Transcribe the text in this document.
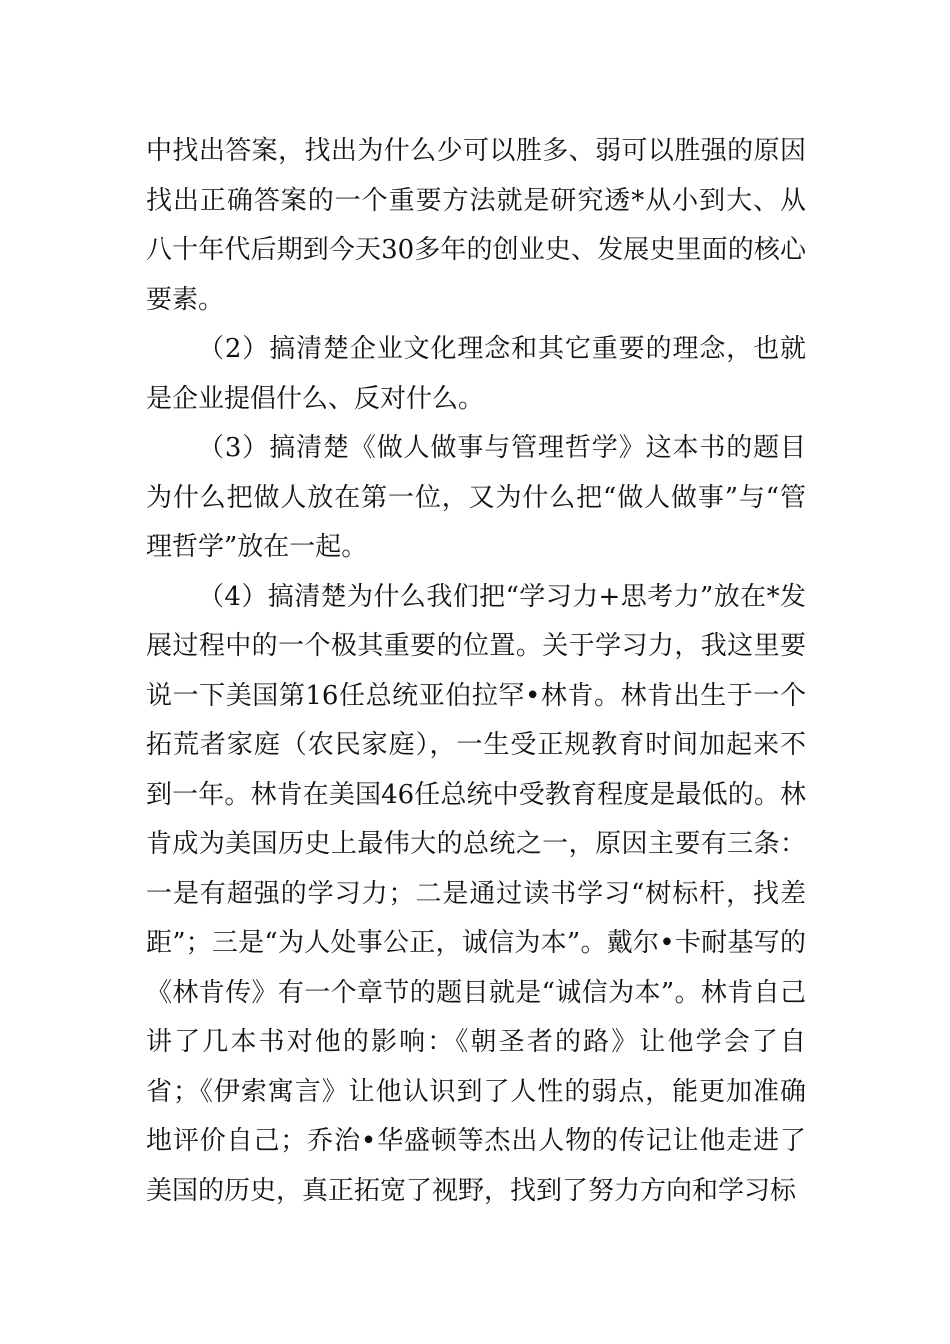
中找出答案，找出为什么少可以胜多、弱可以胜强的原因找出正确答案的一个重要方法就是研究透*从小到大、从八十年代后期到今天30多年的创业史、发展史里面的核心要素。

（2）搞清楚企业文化理念和其它重要的理念，也就是企业提倡什么、反对什么。

（3）搞清楚《做人做事与管理哲学》这本书的题目为什么把做人放在第一位，又为什么把“做人做事”与“管理哲学”放在一起。

（4）搞清楚为什么我们把“学习力+思考力”放在*发展过程中的一个极其重要的位置。关于学习力，我这里要说一下美国第16任总统亚伯拉罕•林肯。林肯出生于一个拓荒者家庭（农民家庭），一生受正规教育时间加起来不到一年。林肯在美国46任总统中受教育程度是最低的。林肯成为美国历史上最伟大的总统之一，原因主要有三条：一是有超强的学习力；二是通过读书学习“树标杆，找差距”；三是“为人处事公正，诚信为本”。戴尔•卡耐基写的《林肯传》有一个章节的题目就是“诚信为本”。林肯自己讲了几本书对他的影响：《朝圣者的路》让他学会了自省；《伊索寓言》让他认识到了人性的弱点，能更加准确地评价自己；乔治•华盛顿等杰出人物的传记让他走进了美国的历史，真正拓宽了视野，找到了努力方向和学习标
